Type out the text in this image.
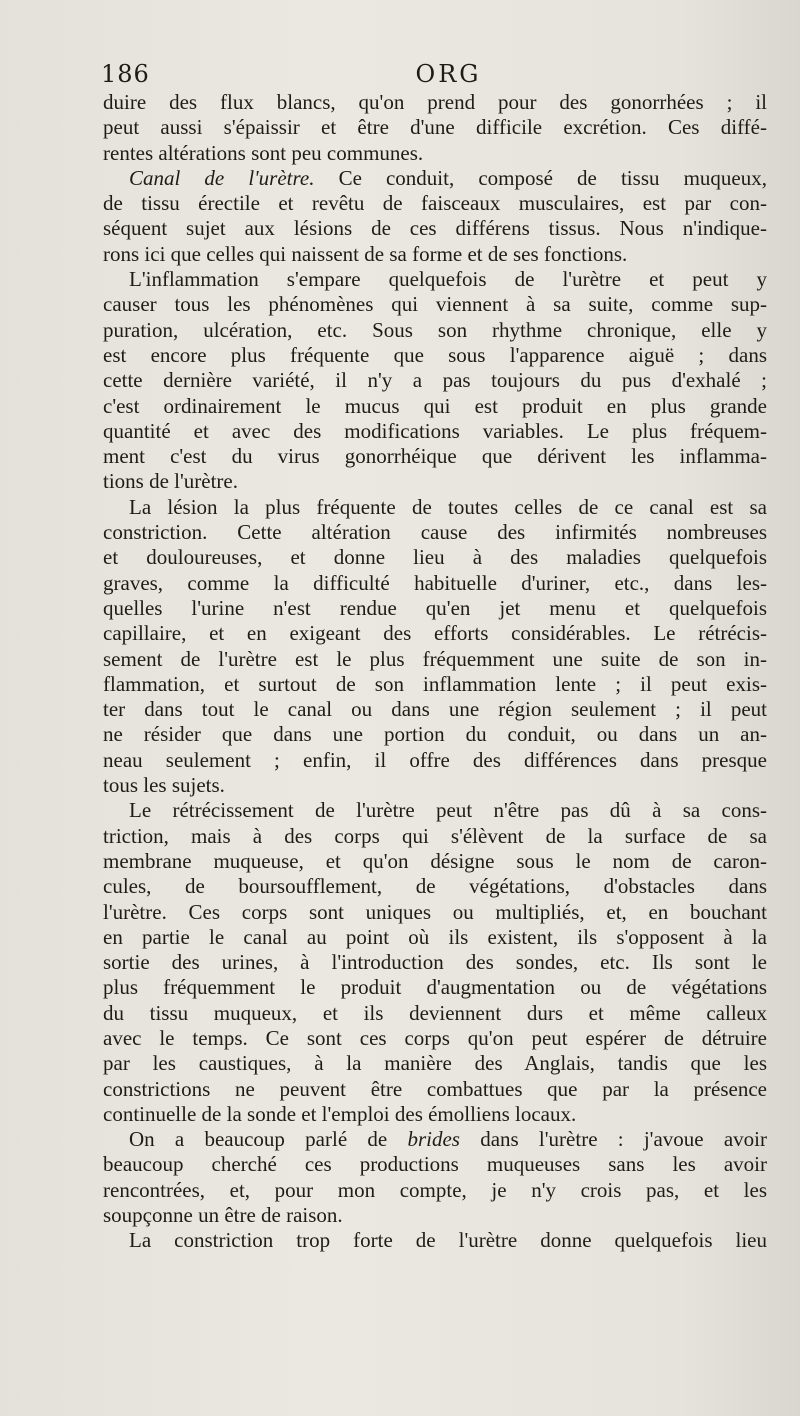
186	ORG

duire des flux blancs, qu'on prend pour des gonorrhées ; il
peut aussi s'épaissir et être d'une difficile excrétion. Ces diffé-
rentes altérations sont peu communes.

Canal de l'urètre. Ce conduit, composé de tissu muqueux,
de tissu érectile et revêtu de faisceaux musculaires, est par con-
séquent sujet aux lésions de ces différens tissus. Nous n'indique-
rons ici que celles qui naissent de sa forme et de ses fonctions.

L'inflammation s'empare quelquefois de l'urètre et peut y
causer tous les phénomènes qui viennent à sa suite, comme sup-
puration, ulcération, etc. Sous son rhythme chronique, elle y
est encore plus fréquente que sous l'apparence aiguë ; dans
cette dernière variété, il n'y a pas toujours du pus d'exhalé ;
c'est ordinairement le mucus qui est produit en plus grande
quantité et avec des modifications variables. Le plus fréquem-
ment c'est du virus gonorrhéique que dérivent les inflamma-
tions de l'urètre.

La lésion la plus fréquente de toutes celles de ce canal est sa
constriction. Cette altération cause des infirmités nombreuses
et douloureuses, et donne lieu à des maladies quelquefois
graves, comme la difficulté habituelle d'uriner, etc., dans les-
quelles l'urine n'est rendue qu'en jet menu et quelquefois
capillaire, et en exigeant des efforts considérables. Le rétrécis-
sement de l'urètre est le plus fréquemment une suite de son in-
flammation, et surtout de son inflammation lente ; il peut exis-
ter dans tout le canal ou dans une région seulement ; il peut
ne résider que dans une portion du conduit, ou dans un an-
neau seulement ; enfin, il offre des différences dans presque
tous les sujets.

Le rétrécissement de l'urètre peut n'être pas dû à sa cons-
triction, mais à des corps qui s'élèvent de la surface de sa
membrane muqueuse, et qu'on désigne sous le nom de caron-
cules, de boursoufflement, de végétations, d'obstacles dans
l'urètre. Ces corps sont uniques ou multipliés, et, en bouchant
en partie le canal au point où ils existent, ils s'opposent à la
sortie des urines, à l'introduction des sondes, etc. Ils sont le
plus fréquemment le produit d'augmentation ou de végétations
du tissu muqueux, et ils deviennent durs et même calleux
avec le temps. Ce sont ces corps qu'on peut espérer de détruire
par les caustiques, à la manière des Anglais, tandis que les
constrictions ne peuvent être combattues que par la présence
continuelle de la sonde et l'emploi des émolliens locaux.

On a beaucoup parlé de brides dans l'urètre : j'avoue avoir
beaucoup cherché ces productions muqueuses sans les avoir
rencontrées, et, pour mon compte, je n'y crois pas, et les
soupçonne un être de raison.

La constriction trop forte de l'urètre donne quelquefois lieu
